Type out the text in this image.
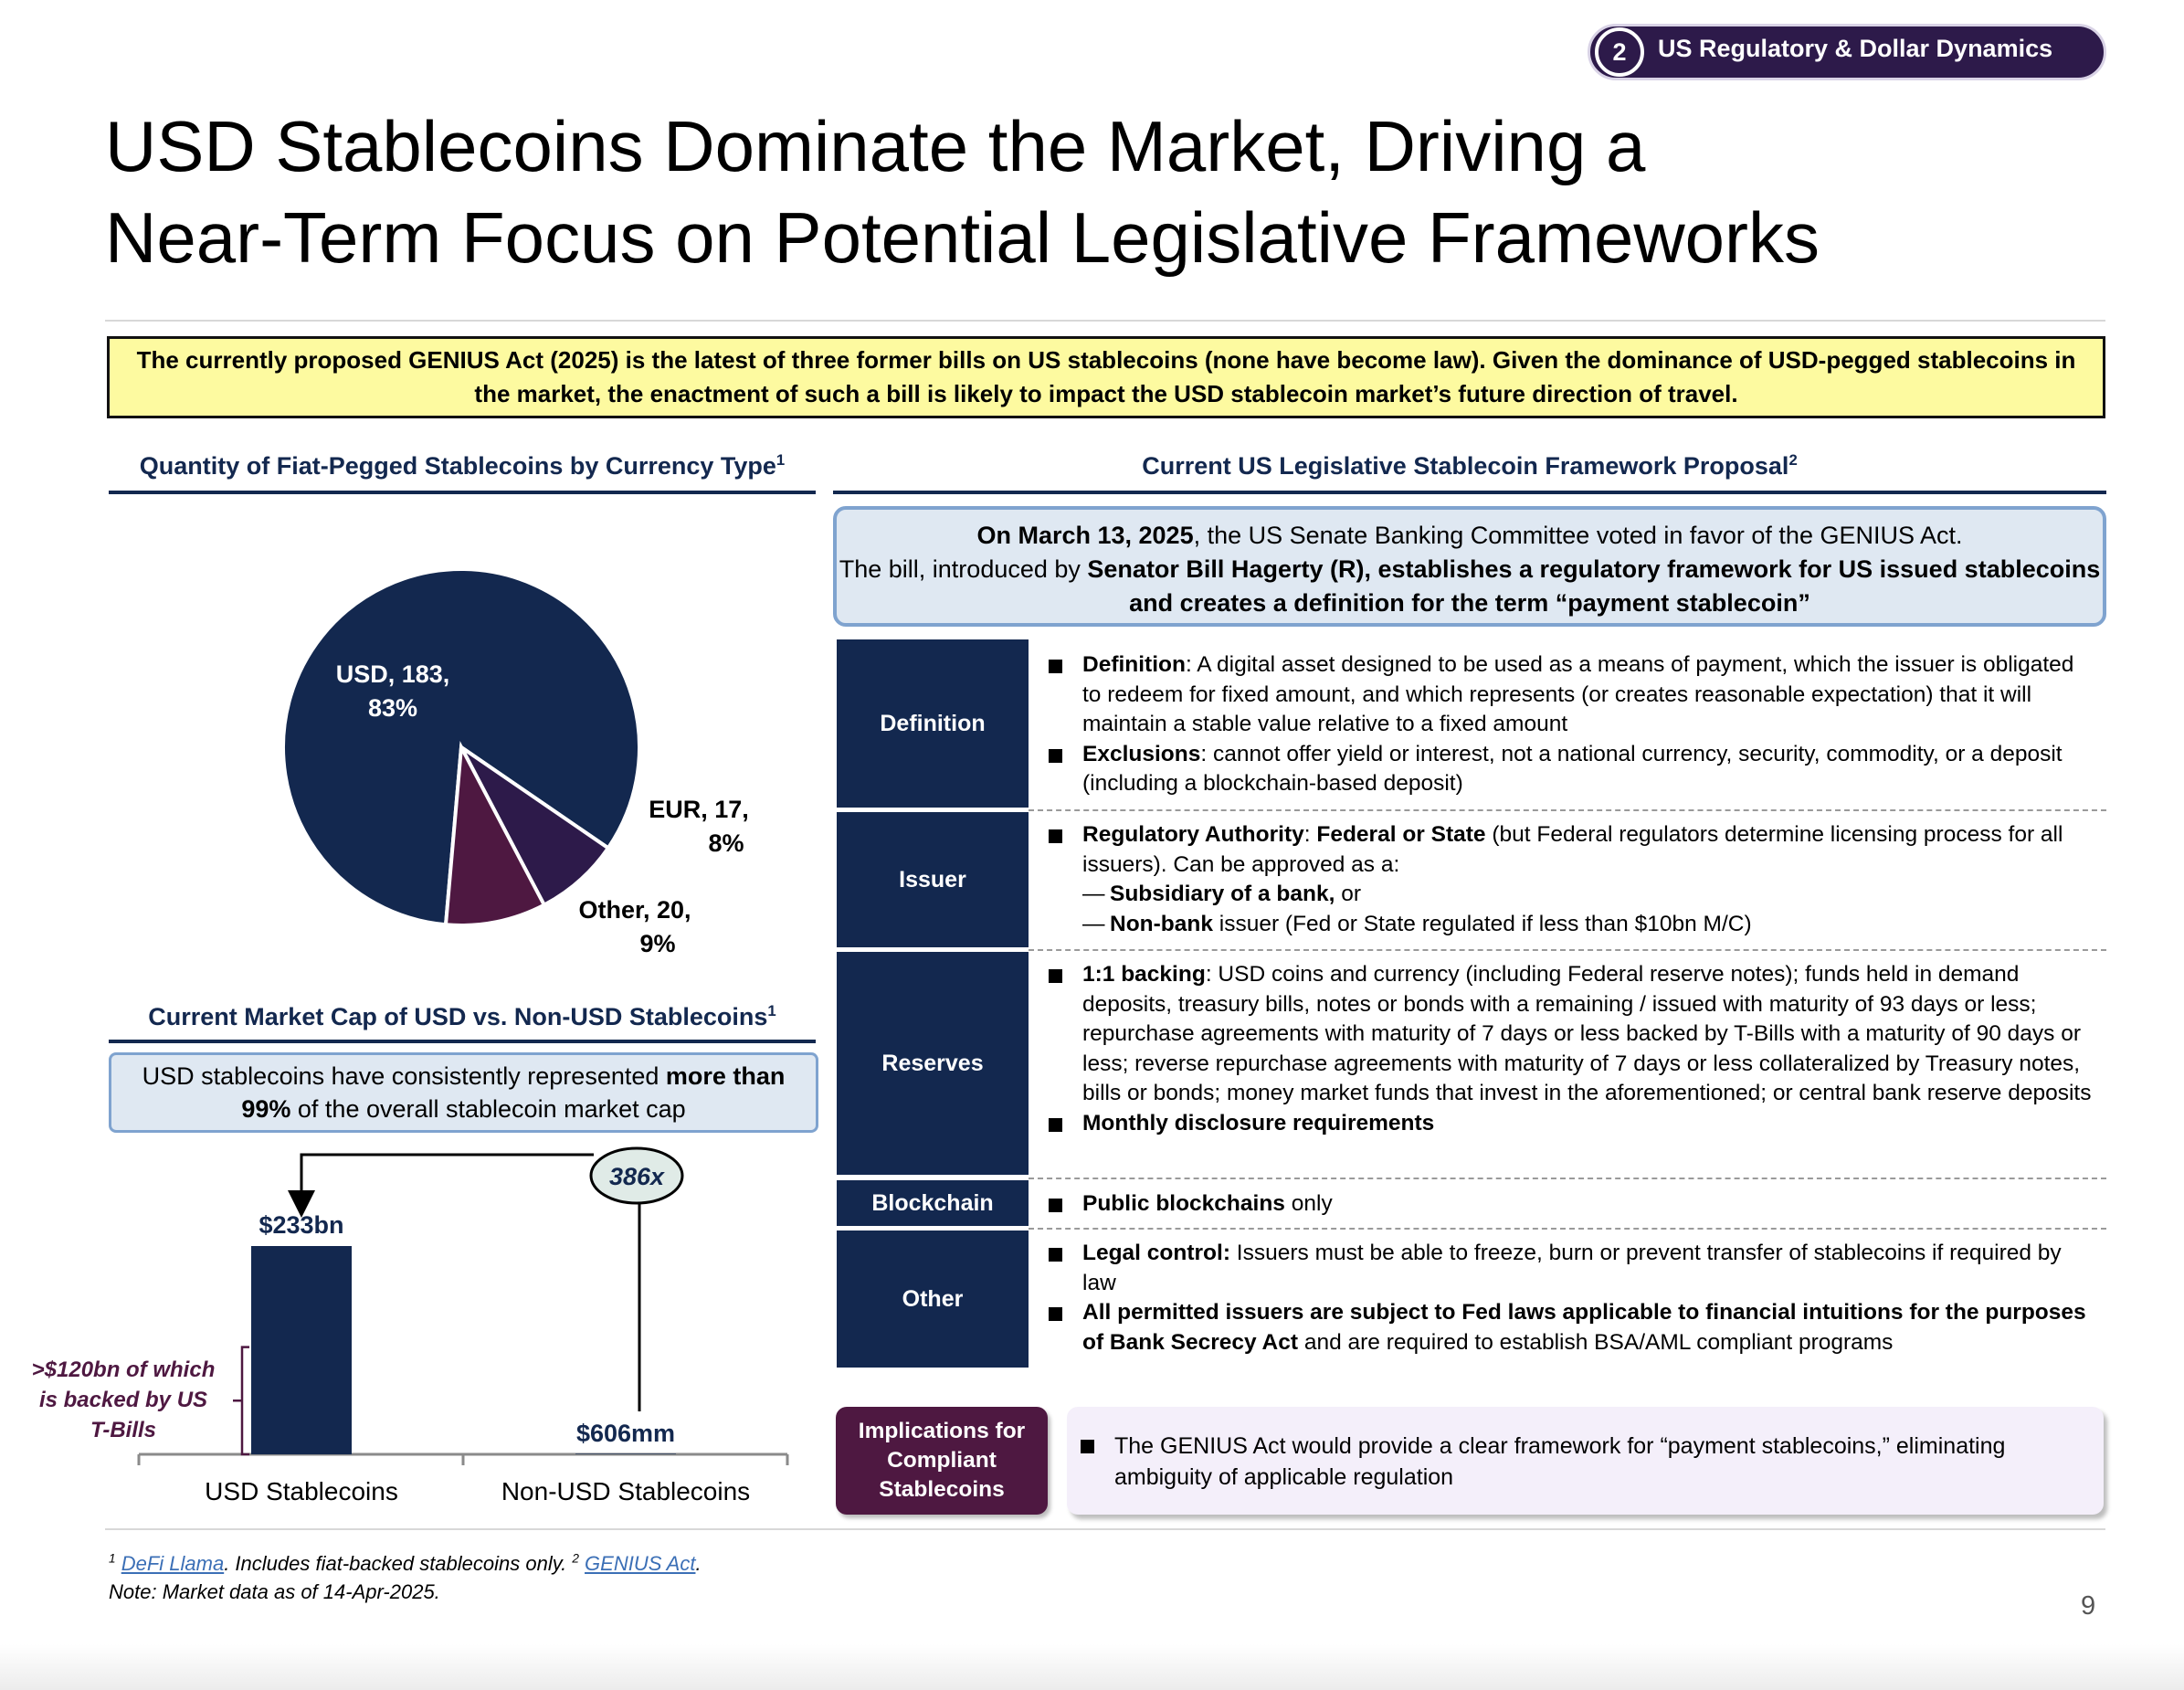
2	US Regulatory & Dollar Dynamics
USD Stablecoins Dominate the Market, Driving a
Near-Term Focus on Potential Legislative Frameworks
The currently proposed GENIUS Act (2025) is the latest of three former bills on US stablecoins (none have become law). Given the dominance of USD-pegged stablecoins in the market, the enactment of such a bill is likely to impact the USD stablecoin market’s future direction of travel.
Quantity of Fiat-Pegged Stablecoins by Currency Type$^1$
USD, 183,
83%
EUR, 17,
8%
Other, 20,
9%
Current Market Cap of USD vs. Non-USD Stablecoins$^1$
USD stablecoins have consistently represented more than
99% of the overall stablecoin market cap
USD Stablecoins
$233bn
Non-USD Stablecoins
$606mm
386x
>$120bn of which
is backed by US
T-Bills
Current US Legislative Stablecoin Framework Proposal$^2$
On March 13, 2025, the US Senate Banking Committee voted in favor of the GENIUS Act.
The bill, introduced by Senator Bill Hagerty (R), establishes a regulatory framework for US issued stablecoins
and creates a definition for the term “payment stablecoin”
Definition
Definition: A digital asset designed to be used as a means of payment, which the issuer is obligated to redeem for fixed amount, and which represents (or creates reasonable expectation) that it will maintain a stable value relative to a fixed amount
Exclusions: cannot offer yield or interest, not a national currency, security, commodity, or a deposit (including a blockchain-based deposit)
Issuer
Regulatory Authority: Federal or State (but Federal regulators determine licensing process for all issuers). Can be approved as a:
— Subsidiary of a bank, or
— Non-bank issuer (Fed or State regulated if less than $10bn M/C)
Reserves
1:1 backing: USD coins and currency (including Federal reserve notes); funds held in demand deposits, treasury bills, notes or bonds with a remaining / issued with maturity of 93 days or less; repurchase agreements with maturity of 7 days or less backed by T-Bills with a maturity of 90 days or less; reverse repurchase agreements with maturity of 7 days or less collateralized by Treasury notes, bills or bonds; money market funds that invest in the aforementioned; or central bank reserve deposits
Monthly disclosure requirements
Blockchain	Public blockchains only
Other
Legal control: Issuers must be able to freeze, burn or prevent transfer of stablecoins if required by law
All permitted issuers are subject to Fed laws applicable to financial intuitions for the purposes of Bank Secrecy Act and are required to establish BSA/AML compliant programs
Implications for
Compliant
Stablecoins
The GENIUS Act would provide a clear framework for “payment stablecoins,” eliminating ambiguity of applicable regulation
$^1$ DeFi Llama. Includes fiat-backed stablecoins only. $^2$ GENIUS Act.
Note: Market data as of 14-Apr-2025.	9
